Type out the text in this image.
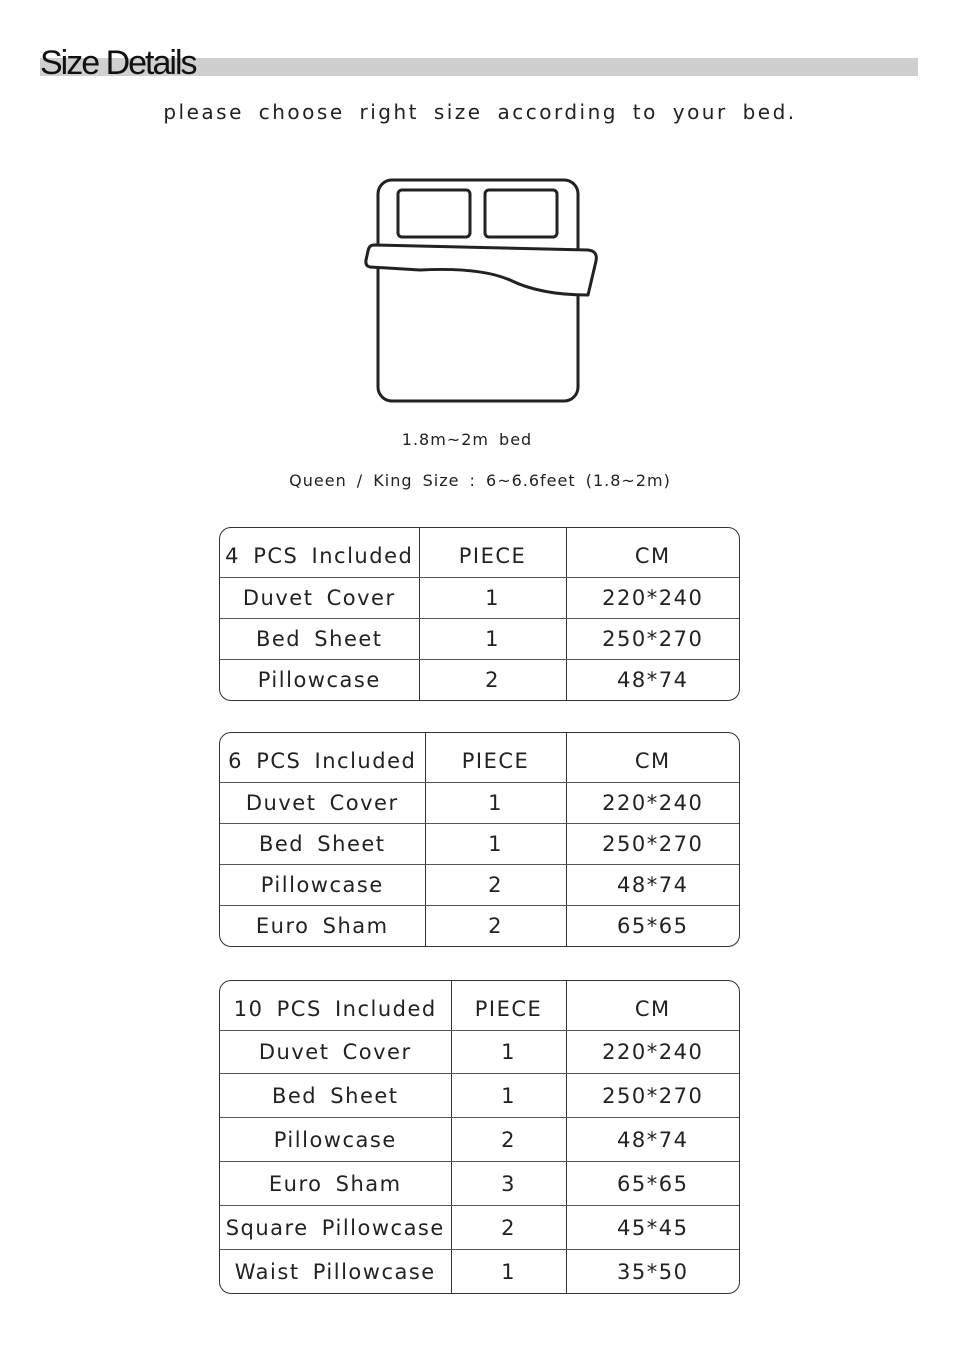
Size Details
please choose right size according to your bed.
1.8m~2m bed
Queen / King Size : 6~6.6feet (1.8~2m)
4 PCS Included	PIECE	CM
Duvet Cover	1	220*240
Bed Sheet	1	250*270
Pillowcase	2	48*74
6 PCS Included	PIECE	CM
Duvet Cover	1	220*240
Bed Sheet	1	250*270
Pillowcase	2	48*74
Euro Sham	2	65*65
10 PCS Included	PIECE	CM
Duvet Cover	1	220*240
Bed Sheet	1	250*270
Pillowcase	2	48*74
Euro Sham	3	65*65
Square Pillowcase	2	45*45
Waist Pillowcase	1	35*50
